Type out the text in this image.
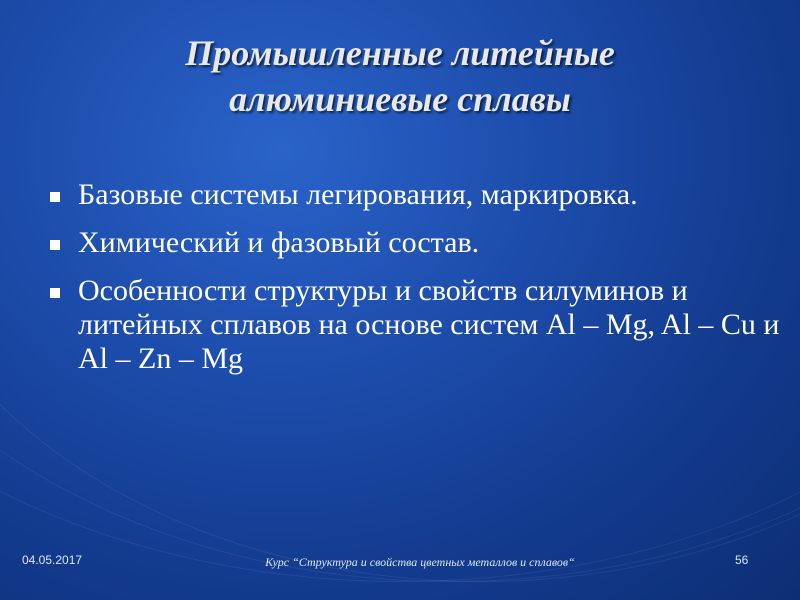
Промышленные литейные
алюминиевые сплавы
Базовые системы легирования, маркировка.
Химический и фазовый состав.
Особенности структуры и свойств силуминов и литейных сплавов на основе систем Al – Mg, Al – Cu и Al – Zn – Mg
04.05.2017	Курс “Структура и свойства цветных металлов и сплавов“	56
